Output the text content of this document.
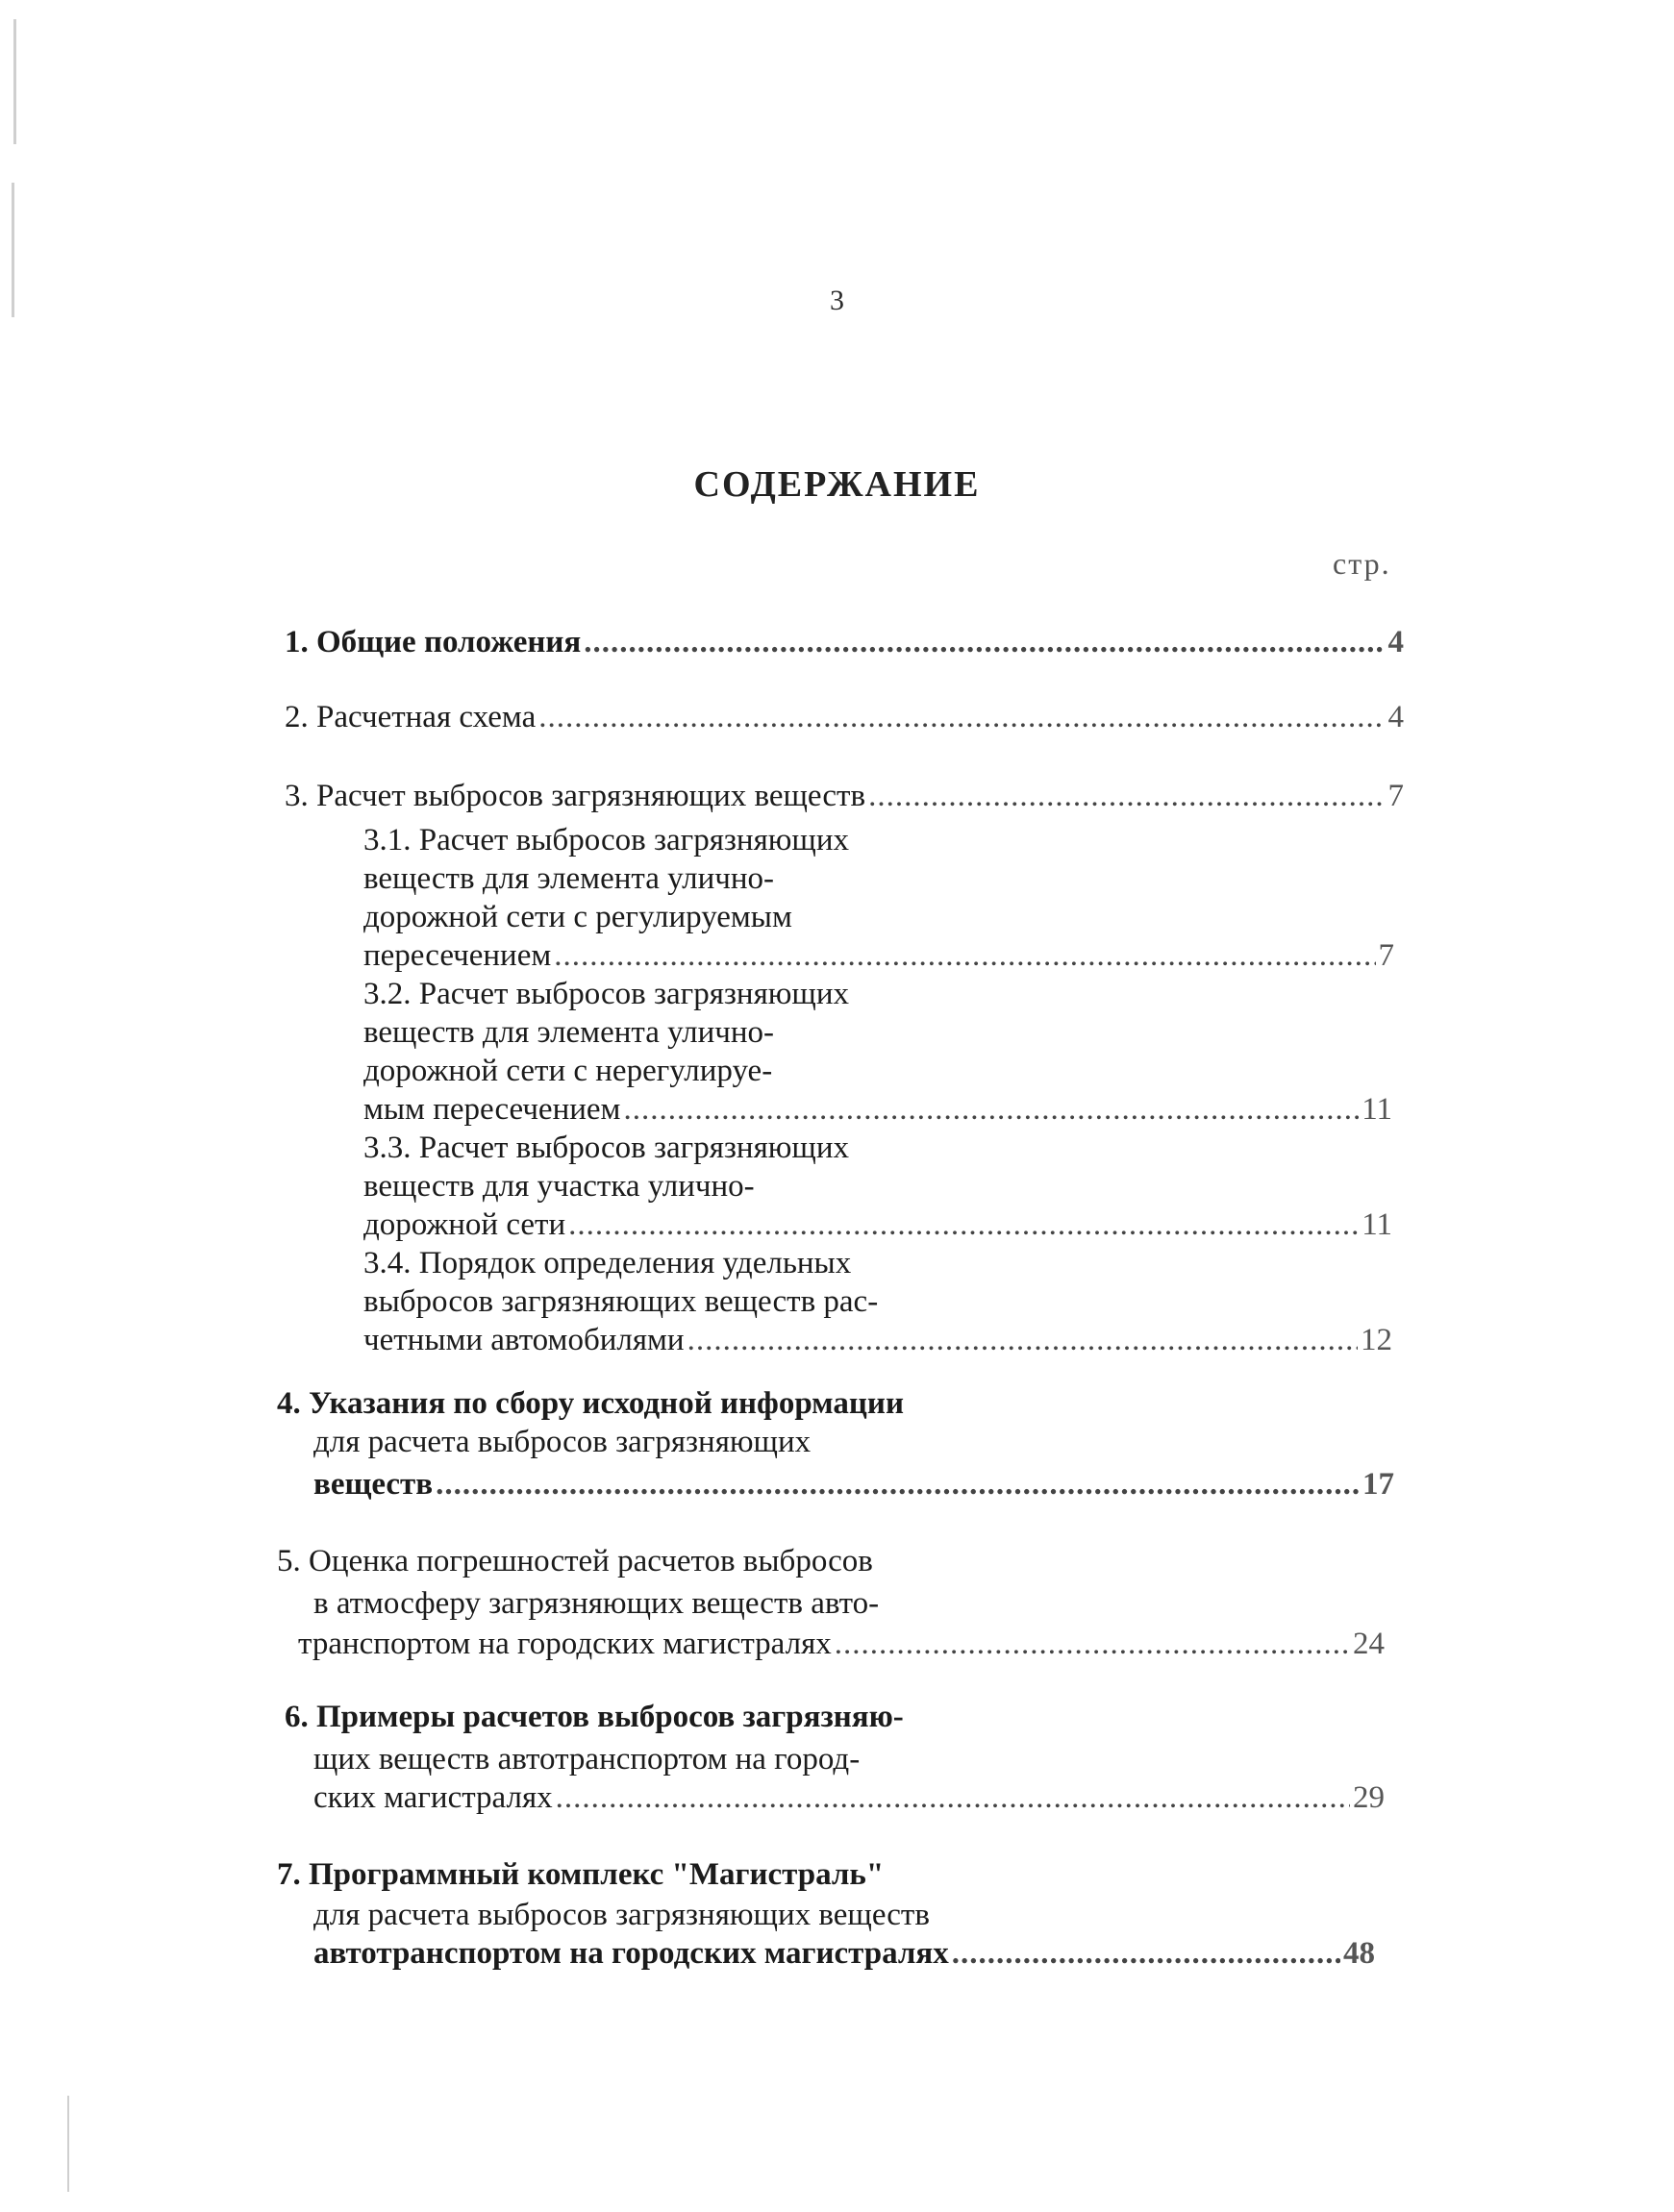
3
СОДЕРЖАНИЕ
стр.
1. Общие положения .....	4
2. Расчетная схема .....	4
3. Расчет выбросов загрязняющих веществ .....	7
3.1. Расчет выбросов загрязняющих
веществ для элемента улично-
дорожной сети с регулируемым
пересечением .....	7
3.2. Расчет выбросов загрязняющих
веществ для элемента улично-
дорожной сети с нерегулируе-
мым пересечением .....	11
3.3. Расчет выбросов загрязняющих
веществ для участка улично-
дорожной сети .....	11
3.4. Порядок определения удельных
выбросов загрязняющих веществ рас-
четными автомобилями .....	12
4. Указания по сбору исходной информации
для расчета выбросов загрязняющих
веществ .....	17
5. Оценка погрешностей расчетов выбросов
в атмосферу загрязняющих веществ авто-
транспортом на городских магистралях .....	24
6. Примеры расчетов выбросов загрязняю-
щих веществ автотранспортом на город-
ских магистралях .....	29
7. Программный комплекс "Магистраль"
для расчета выбросов загрязняющих веществ
автотранспортом на городских магистралях .....	48
